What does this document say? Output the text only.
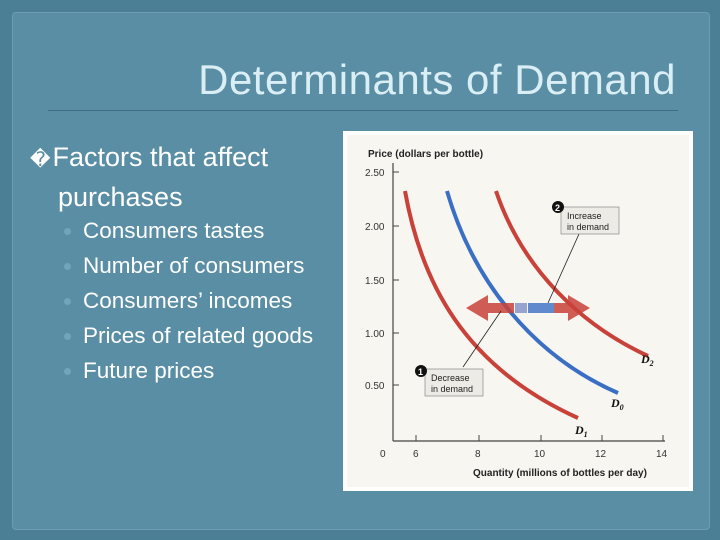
Determinants of Demand
�Factors that affect
purchases
Consumers tastes
Number of consumers
Consumers’ incomes
Prices of related goods
Future prices
Price (dollars per bottle)
Quantity (millions of bottles per day)
2.50
2.00
1.50
1.00
0.50
0	6	8	10	12	14
$D_1$
$D_0$
$D_2$
2
Increase
in demand
1
Decrease
in demand
